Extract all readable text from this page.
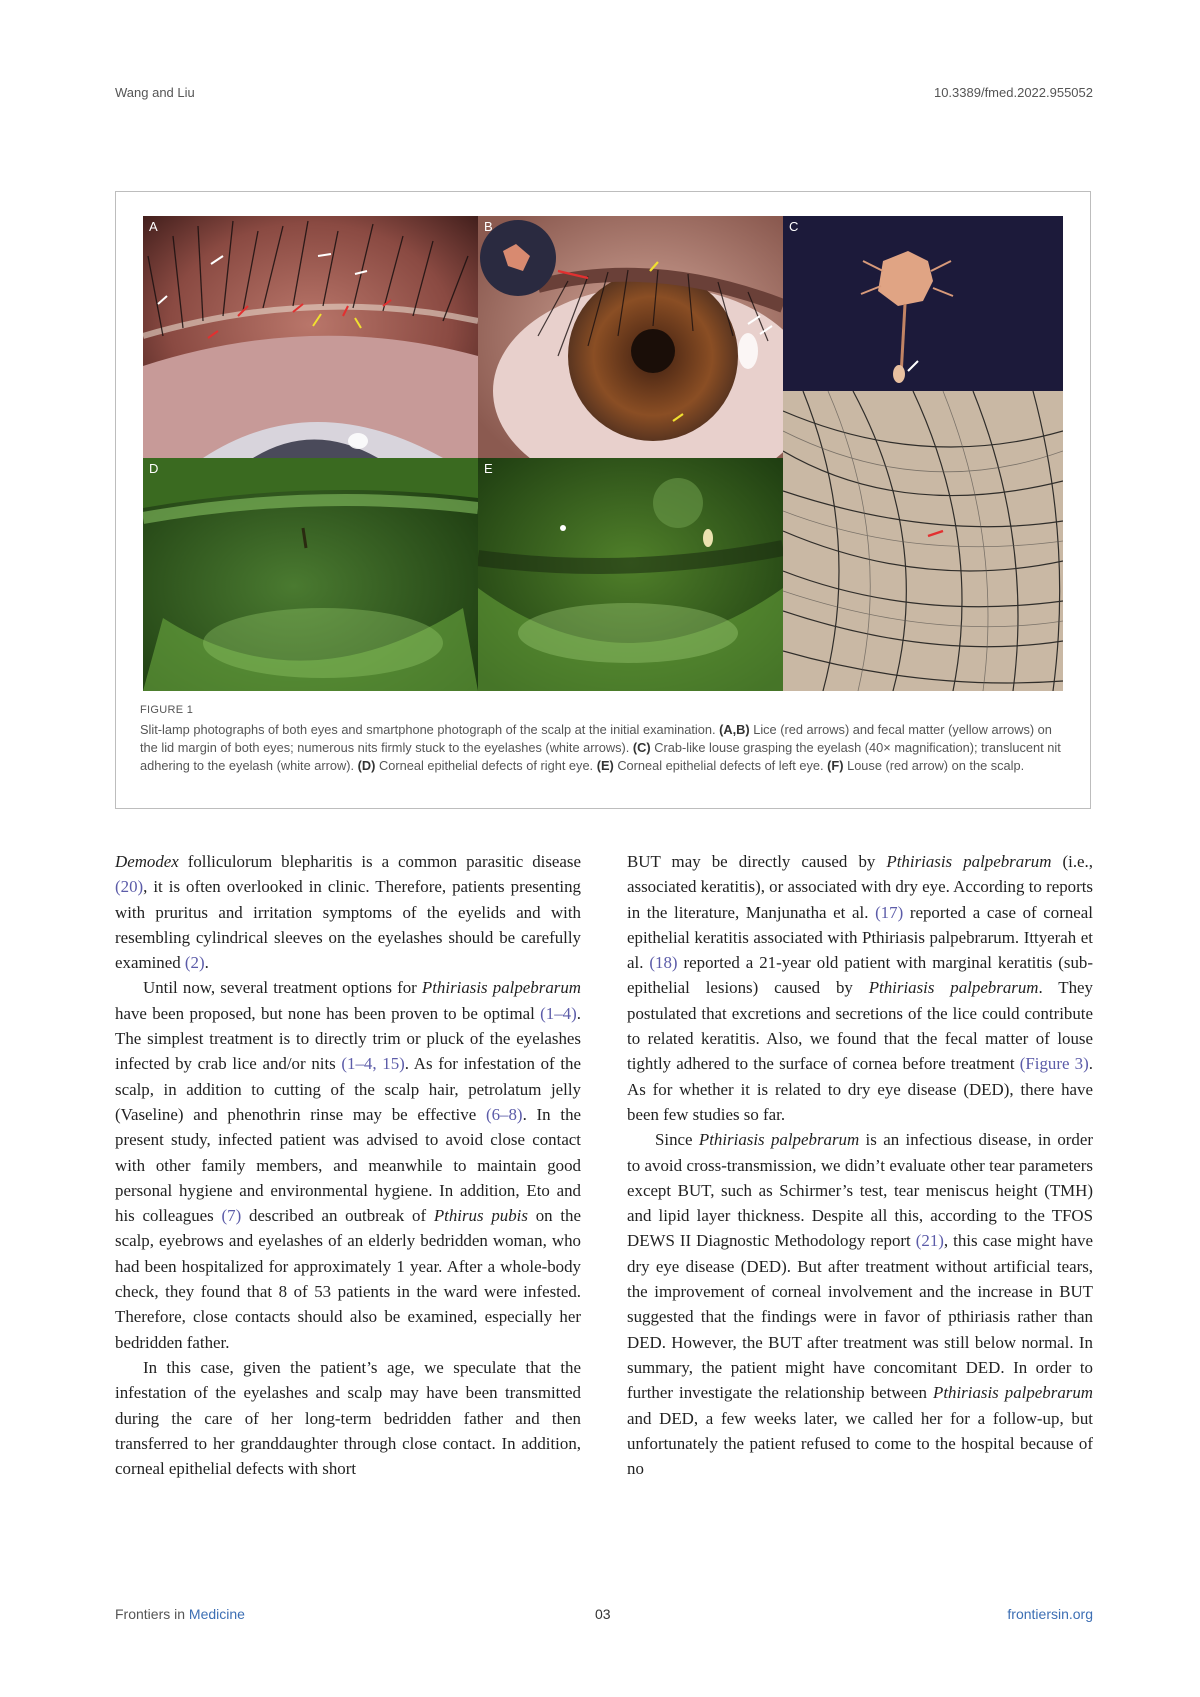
Wang and Liu	10.3389/fmed.2022.955052
A	B	C
D	E
FIGURE 1
Slit-lamp photographs of both eyes and smartphone photograph of the scalp at the initial examination. (A,B) Lice (red arrows) and fecal matter (yellow arrows) on the lid margin of both eyes; numerous nits firmly stuck to the eyelashes (white arrows). (C) Crab-like louse grasping the eyelash (40× magnification); translucent nit adhering to the eyelash (white arrow). (D) Corneal epithelial defects of right eye. (E) Corneal epithelial defects of left eye. (F) Louse (red arrow) on the scalp.

Demodex folliculorum blepharitis is a common parasitic disease (20), it is often overlooked in clinic. Therefore, patients presenting with pruritus and irritation symptoms of the eyelids and with resembling cylindrical sleeves on the eyelashes should be carefully examined (2).

Until now, several treatment options for Pthiriasis palpebrarum have been proposed, but none has been proven to be optimal (1–4). The simplest treatment is to directly trim or pluck of the eyelashes infected by crab lice and/or nits (1–4, 15). As for infestation of the scalp, in addition to cutting of the scalp hair, petrolatum jelly (Vaseline) and phenothrin rinse may be effective (6–8). In the present study, infected patient was advised to avoid close contact with other family members, and meanwhile to maintain good personal hygiene and environmental hygiene. In addition, Eto and his colleagues (7) described an outbreak of Pthirus pubis on the scalp, eyebrows and eyelashes of an elderly bedridden woman, who had been hospitalized for approximately 1 year. After a whole-body check, they found that 8 of 53 patients in the ward were infested. Therefore, close contacts should also be examined, especially her bedridden father.

In this case, given the patient’s age, we speculate that the infestation of the eyelashes and scalp may have been transmitted during the care of her long-term bedridden father and then transferred to her granddaughter through close contact. In addition, corneal epithelial defects with short

BUT may be directly caused by Pthiriasis palpebrarum (i.e., associated keratitis), or associated with dry eye. According to reports in the literature, Manjunatha et al. (17) reported a case of corneal epithelial keratitis associated with Pthiriasis palpebrarum. Ittyerah et al. (18) reported a 21-year old patient with marginal keratitis (sub-epithelial lesions) caused by Pthiriasis palpebrarum. They postulated that excretions and secretions of the lice could contribute to related keratitis. Also, we found that the fecal matter of louse tightly adhered to the surface of cornea before treatment (Figure 3). As for whether it is related to dry eye disease (DED), there have been few studies so far.

Since Pthiriasis palpebrarum is an infectious disease, in order to avoid cross-transmission, we didn’t evaluate other tear parameters except BUT, such as Schirmer’s test, tear meniscus height (TMH) and lipid layer thickness. Despite all this, according to the TFOS DEWS II Diagnostic Methodology report (21), this case might have dry eye disease (DED). But after treatment without artificial tears, the improvement of corneal involvement and the increase in BUT suggested that the findings were in favor of pthiriasis rather than DED. However, the BUT after treatment was still below normal. In summary, the patient might have concomitant DED. In order to further investigate the relationship between Pthiriasis palpebrarum and DED, a few weeks later, we called her for a follow-up, but unfortunately the patient refused to come to the hospital because of no

Frontiers in Medicine	03	frontiersin.org
